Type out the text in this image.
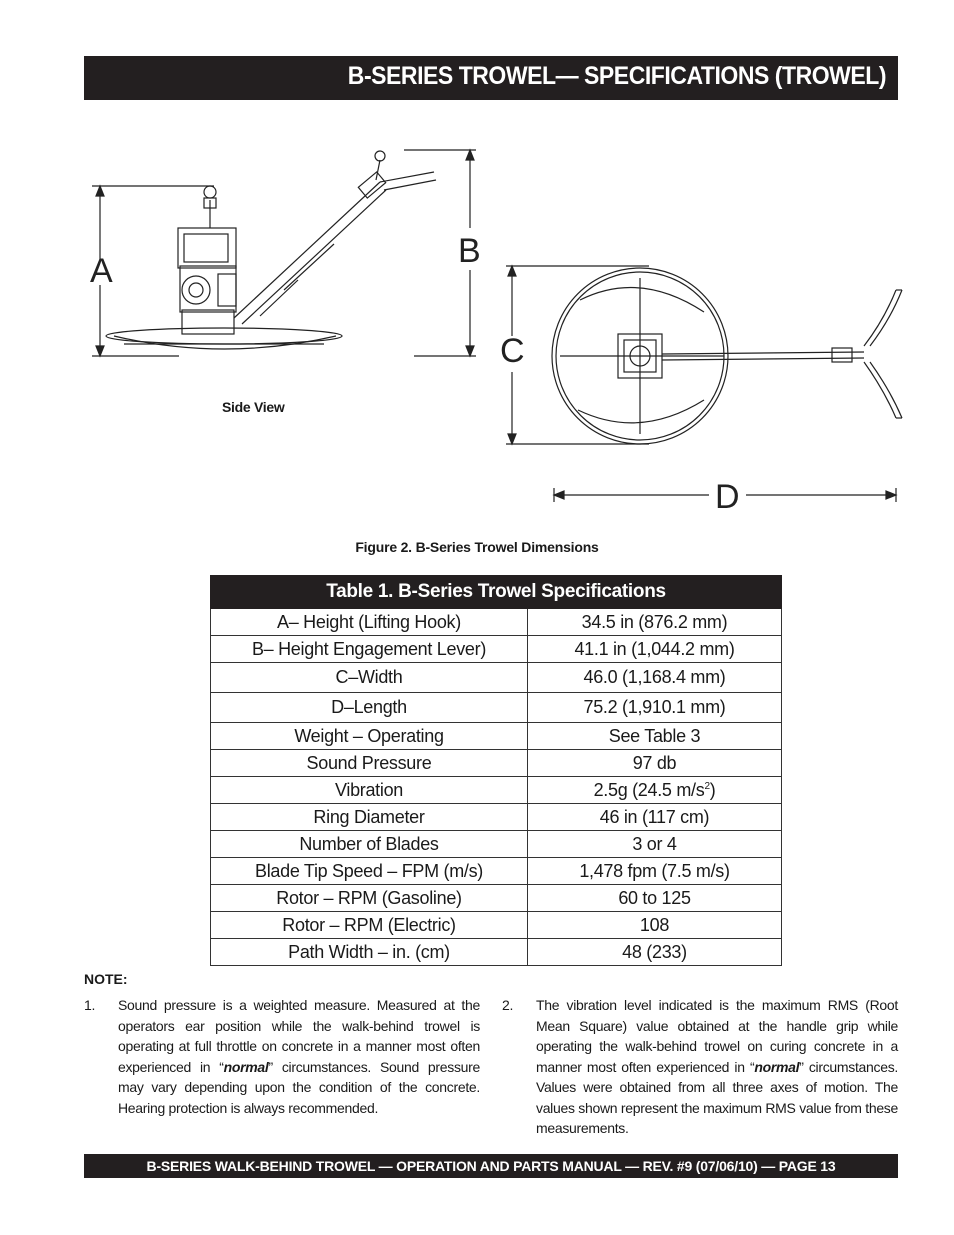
B-SERIES TROWEL— SPECIFICATIONS (TROWEL)
A
B
C
D
Side View
Figure 2. B-Series Trowel Dimensions
Table 1. B-Series Trowel Specifications	
A– Height (Lifting Hook)	34.5 in (876.2 mm)
B– Height Engagement Lever)	41.1 in (1,044.2 mm)
C–Width	46.0 (1,168.4 mm)
D–Length	75.2 (1,910.1 mm)
Weight – Operating	See Table 3
Sound Pressure	97 db
Vibration	2.5g (24.5 $m/s^2$)
Ring Diameter	46 in (117 cm)
Number of Blades	3 or 4
Blade Tip Speed – FPM (m/s)	1,478 fpm (7.5 m/s)
Rotor – RPM (Gasoline)	60 to 125
Rotor – RPM (Electric)	108
Path Width – in. (cm)	48 (233)
NOTE:
1. Sound pressure is a weighted measure. Measured at the operators ear position while the walk-behind trowel is operating at full throttle on concrete in a manner most often experienced in “normal” circumstances. Sound pressure may vary depending upon the condition of the concrete. Hearing protection is always recommended.
2. The vibration level indicated is the maximum RMS (Root Mean Square) value obtained at the handle grip while operating the walk-behind trowel on curing concrete in a manner most often experienced in “normal” circumstances. Values were obtained from all three axes of motion. The values shown represent the maximum RMS value from these measurements.
B-SERIES WALK-BEHIND TROWEL — OPERATION AND PARTS MANUAL — REV. #9 (07/06/10) — PAGE 13
